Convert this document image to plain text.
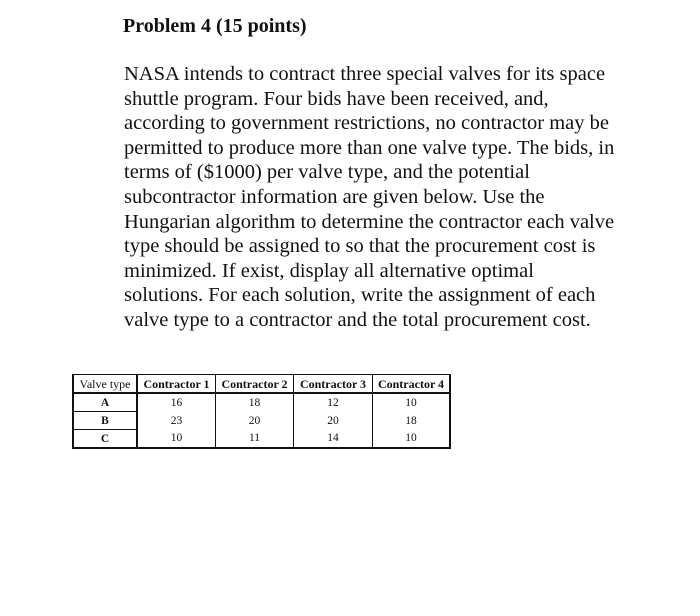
Problem 4 (15 points)
NASA intends to contract three special valves for its space
shuttle program. Four bids have been received, and,
according to government restrictions, no contractor may be
permitted to produce more than one valve type. The bids, in
terms of ($1000) per valve type, and the potential
subcontractor information are given below. Use the
Hungarian algorithm to determine the contractor each valve
type should be assigned to so that the procurement cost is
minimized. If exist, display all alternative optimal
solutions. For each solution, write the assignment of each
valve type to a contractor and the total procurement cost.
Valve type	Contractor 1	Contractor 2	Contractor 3	Contractor 4
A	16	18	12	10
B	23	20	20	18
C	10	11	14	10
